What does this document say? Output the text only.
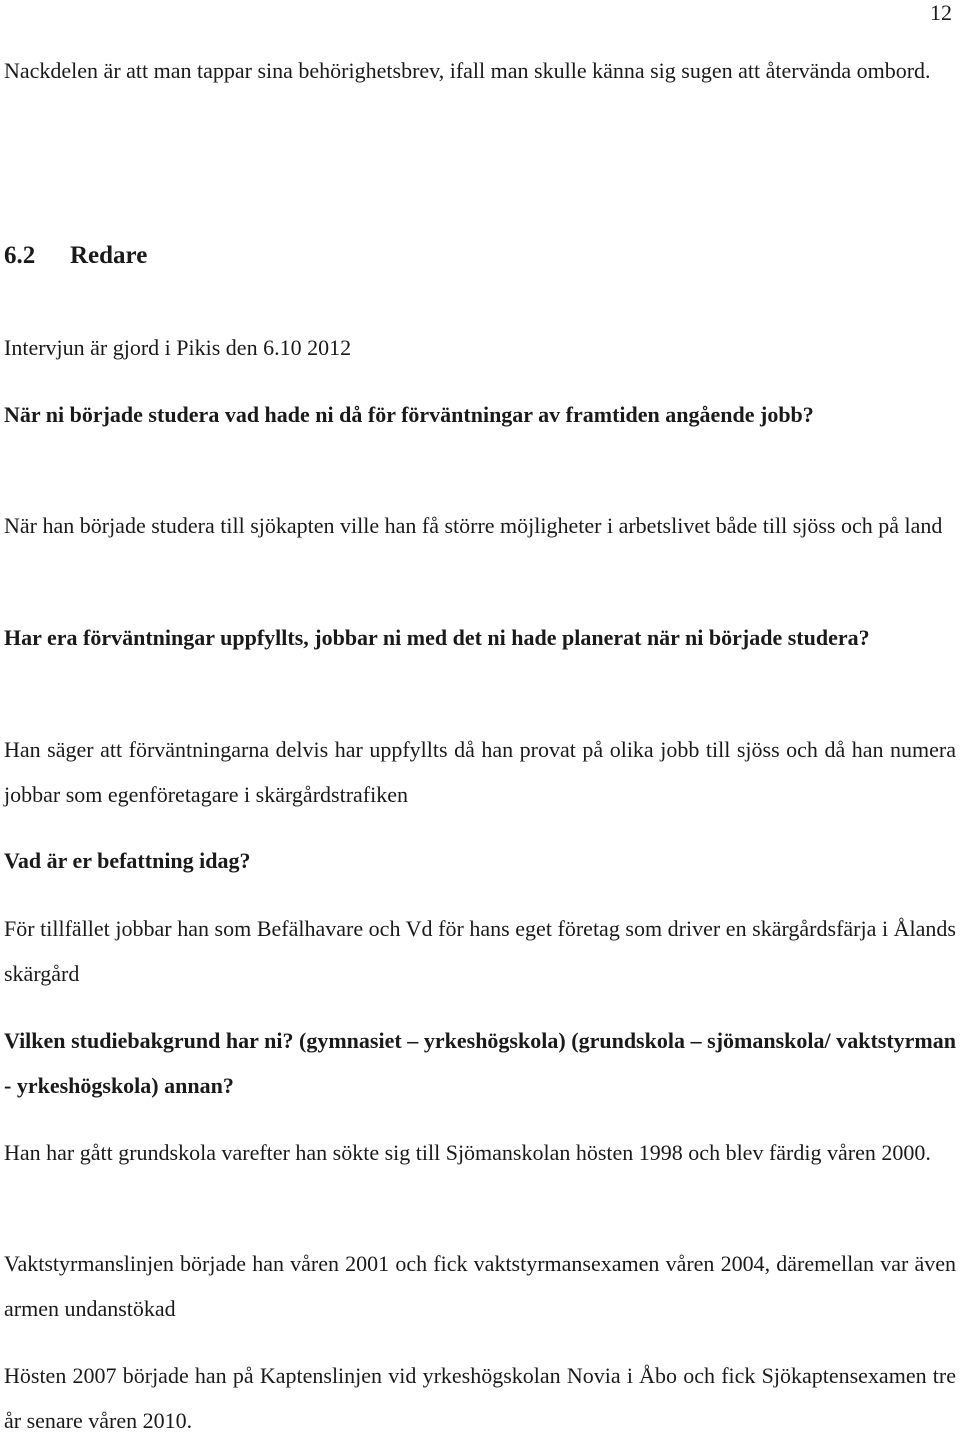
12

Nackdelen är att man tappar sina behörighetsbrev, ifall man skulle känna sig sugen att återvända ombord.

6.2 Redare

Intervjun är gjord i Pikis den 6.10 2012

När ni började studera vad hade ni då för förväntningar av framtiden angående jobb?

När han började studera till sjökapten ville han få större möjligheter i arbetslivet både till sjöss och på land

Har era förväntningar uppfyllts, jobbar ni med det ni hade planerat när ni började studera?

Han säger att förväntningarna delvis har uppfyllts då han provat på olika jobb till sjöss och då han numera jobbar som egenföretagare i skärgårdstrafiken

Vad är er befattning idag?

För tillfället jobbar han som Befälhavare och Vd för hans eget företag som driver en skärgårdsfärja i Ålands skärgård

Vilken studiebakgrund har ni? (gymnasiet – yrkeshögskola) (grundskola – sjömanskola/ vaktstyrman - yrkeshögskola) annan?

Han har gått grundskola varefter han sökte sig till Sjömanskolan hösten 1998 och blev färdig våren 2000.

Vaktstyrmanslinjen började han våren 2001 och fick vaktstyrmansexamen våren 2004, däremellan var även armen undanstökad

Hösten 2007 började han på Kaptenslinjen vid yrkeshögskolan Novia i Åbo och fick Sjökaptensexamen tre år senare våren 2010.
